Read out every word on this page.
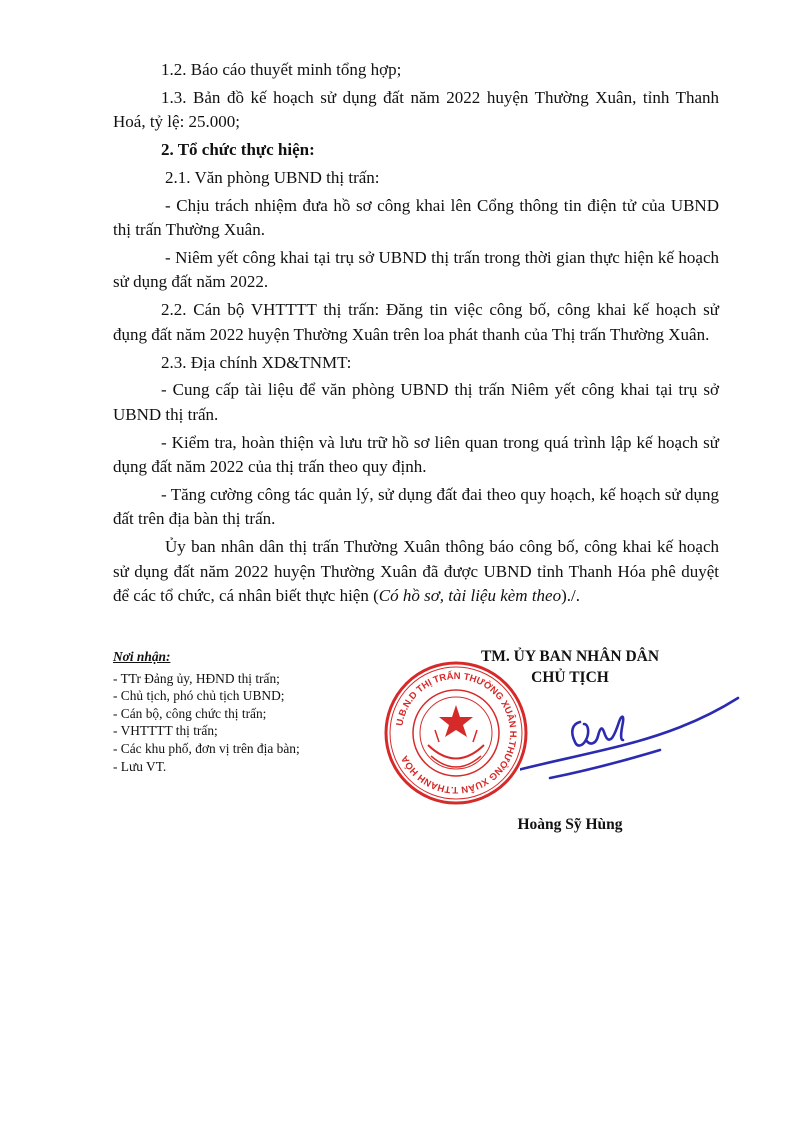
1.2. Báo cáo thuyết minh tổng hợp;

1.3. Bản đồ kế hoạch sử dụng đất năm 2022 huyện Thường Xuân, tỉnh Thanh Hoá, tỷ lệ: 25.000;

2. Tổ chức thực hiện:

2.1. Văn phòng UBND thị trấn:

- Chịu trách nhiệm đưa hồ sơ công khai lên Cổng thông tin điện tử của UBND thị trấn Thường Xuân.

- Niêm yết công khai tại trụ sở UBND thị trấn trong thời gian thực hiện kế hoạch sử dụng đất năm 2022.

2.2. Cán bộ VHTTTT thị trấn: Đăng tin việc công bố, công khai kế hoạch sử đụng đất năm 2022 huyện Thường Xuân trên loa phát thanh của Thị trấn Thường Xuân.

2.3. Địa chính XD&TNMT:

- Cung cấp tài liệu để văn phòng UBND thị trấn Niêm yết công khai tại trụ sở UBND thị trấn.

- Kiểm tra, hoàn thiện và lưu trữ hồ sơ liên quan trong quá trình lập kế hoạch sử dụng đất năm 2022 của thị trấn theo quy định.

- Tăng cường công tác quản lý, sử dụng đất đai theo quy hoạch, kế hoạch sử dụng đất trên địa bàn thị trấn.

Ủy ban nhân dân thị trấn Thường Xuân thông báo công bố, công khai kế hoạch sử dụng đất năm 2022 huyện Thường Xuân đã được UBND tỉnh Thanh Hóa phê duyệt để các tổ chức, cá nhân biết thực hiện (Có hồ sơ, tài liệu kèm theo)./.

Nơi nhận:
- TTr Đảng ủy, HĐND thị trấn;
- Chủ tịch, phó chủ tịch UBND;
- Cán bộ, công chức thị trấn;
- VHTTTT thị trấn;
- Các khu phố, đơn vị trên địa bàn;
- Lưu VT.
TM. ỦY BAN NHÂN DÂN
CHỦ TỊCH
U.B.N.D THỊ TRẤN THƯỜNG XUÂN H.THƯỜNG XUÂN T.THANH HÓA
Hoàng Sỹ Hùng
